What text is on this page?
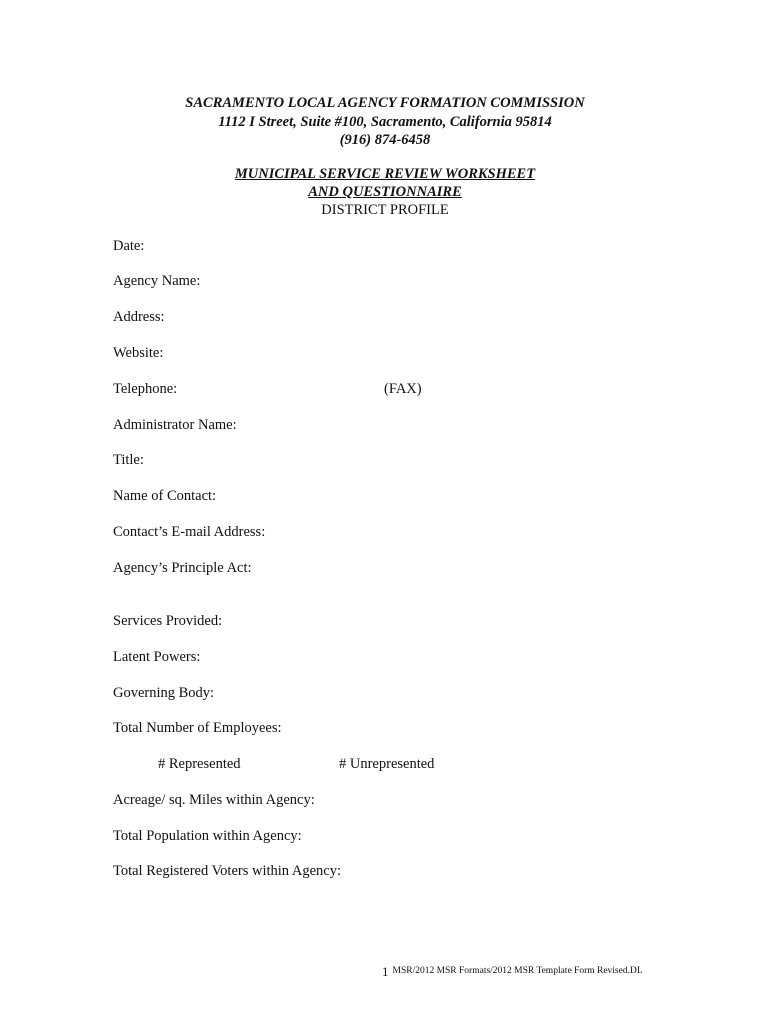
SACRAMENTO LOCAL AGENCY FORMATION COMMISSION
1112 I Street, Suite #100, Sacramento, California 95814
(916) 874-6458
MUNICIPAL SERVICE REVIEW WORKSHEET
AND QUESTIONNAIRE
DISTRICT PROFILE
Date:
Agency Name:
Address:
Website:
Telephone:	(FAX)
Administrator Name:
Title:
Name of Contact:
Contact’s E-mail Address:
Agency’s Principle Act:
Services Provided:
Latent Powers:
Governing Body:
Total Number of Employees:
# Represented	# Unrepresented
Acreage/ sq. Miles within Agency:
Total Population within Agency:
Total Registered Voters within Agency:
1 MSR/2012 MSR Formats/2012 MSR Template Form Revised.DL
